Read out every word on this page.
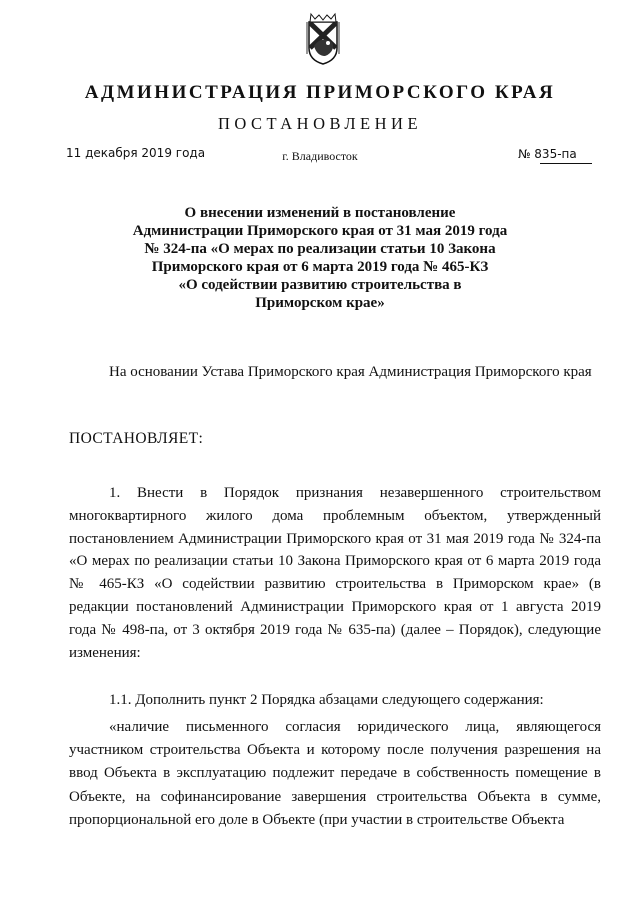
АДМИНИСТРАЦИЯ ПРИМОРСКОГО КРАЯ
ПОСТАНОВЛЕНИЕ
11 декабря 2019 года	г. Владивосток	№ 835-па
О внесении изменений в постановление
Администрации Приморского края от 31 мая 2019 года
№ 324-па «О мерах по реализации статьи 10 Закона
Приморского края от 6 марта 2019 года № 465-КЗ
«О содействии развитию строительства в
Приморском крае»

На основании Устава Приморского края Администрация Приморского края

ПОСТАНОВЛЯЕТ:

1. Внести в Порядок признания незавершенного строительством многоквартирного жилого дома проблемным объектом, утвержденный постановлением Администрации Приморского края от 31 мая 2019 года № 324-па «О мерах по реализации статьи 10 Закона Приморского края от 6 марта 2019 года № 465-КЗ «О содействии развитию строительства в Приморском крае» (в редакции постановлений Администрации Приморского края от 1 августа 2019 года № 498-па, от 3 октября 2019 года № 635-па) (далее – Порядок), следующие изменения:

1.1. Дополнить пункт 2 Порядка абзацами следующего содержания:

«наличие письменного согласия юридического лица, являющегося участником строительства Объекта и которому после получения разрешения на ввод Объекта в эксплуатацию подлежит передаче в собственность помещение в Объекте, на софинансирование завершения строительства Объекта в сумме, пропорциональной его доле в Объекте (при участии в строительстве Объекта
